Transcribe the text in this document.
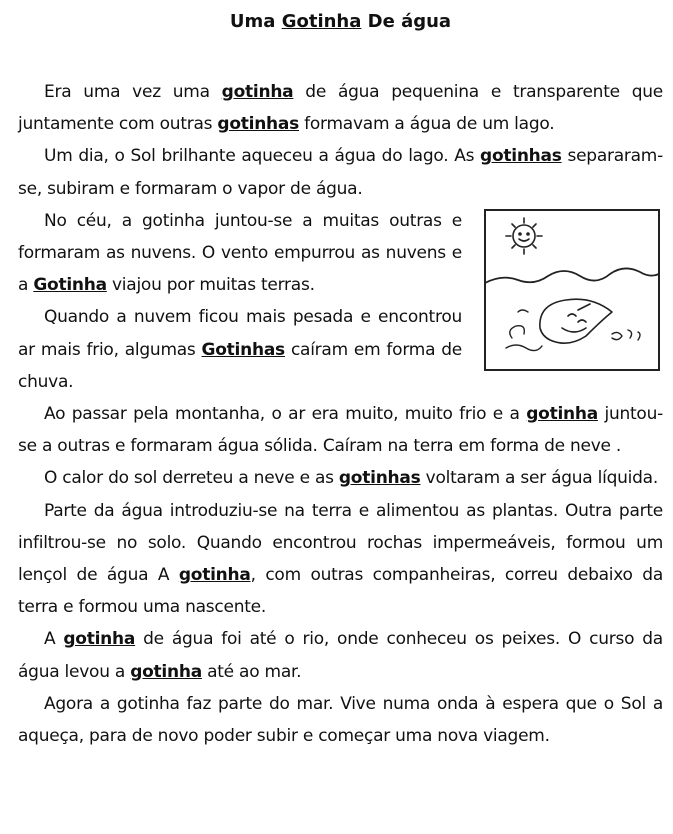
Uma Gotinha De água

Era uma vez uma gotinha de água pequenina e transparente que juntamente com outras gotinhas formavam a água de um lago.

Um dia, o Sol brilhante aqueceu a água do lago. As gotinhas separaram-se, subiram e formaram o vapor de água.

No céu, a gotinha juntou-se a muitas outras e formaram as nuvens. O vento empurrou as nuvens e a Gotinha viajou por muitas terras.

Quando a nuvem ficou mais pesada e encontrou ar mais frio, algumas Gotinhas caíram em forma de chuva.

Ao passar pela montanha, o ar era muito, muito frio e a gotinha juntou-se a outras e formaram água sólida. Caíram na terra em forma de neve .

O calor do sol derreteu a neve e as gotinhas voltaram a ser água líquida.

Parte da água introduziu-se na terra e alimentou as plantas. Outra parte infiltrou-se no solo. Quando encontrou rochas impermeáveis, formou um lençol de água A gotinha, com outras companheiras, correu debaixo da terra e formou uma nascente.

A gotinha de água foi até o rio, onde conheceu os peixes. O curso da água levou a gotinha até ao mar.

Agora a gotinha faz parte do mar. Vive numa onda à espera que o Sol a aqueça, para de novo poder subir e começar uma nova viagem.
